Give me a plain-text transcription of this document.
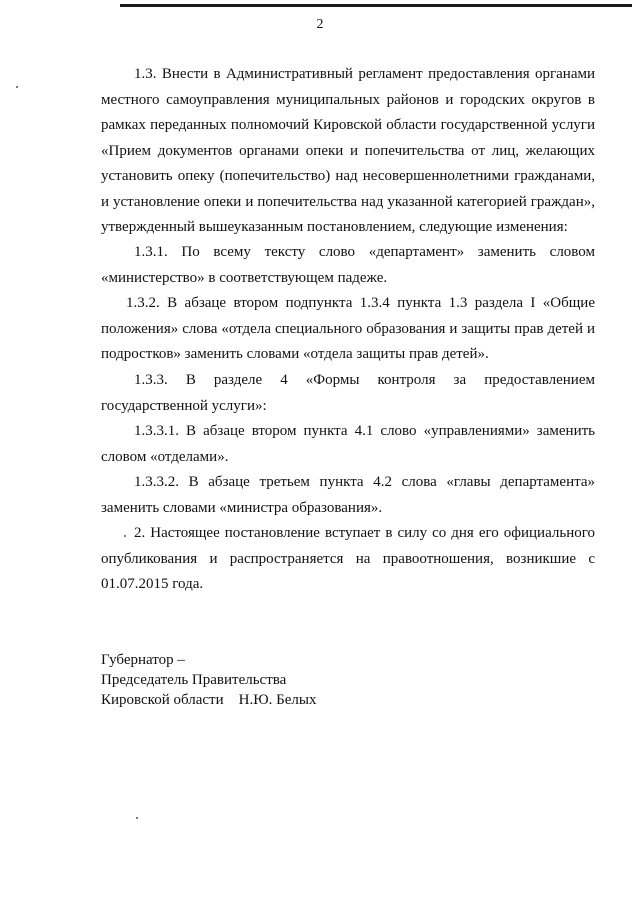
2

1.3. Внести в Административный регламент предоставления органами местного самоуправления муниципальных районов и городских округов в рамках переданных полномочий Кировской области государственной услуги «Прием документов органами опеки и попечительства от лиц, желающих установить опеку (попечительство) над несовершеннолетними гражданами, и установление опеки и попечительства над указанной категорией граждан», утвержденный вышеуказанным постановлением, следующие изменения:

1.3.1. По всему тексту слово «департамент» заменить словом «министерство» в соответствующем падеже.

1.3.2. В абзаце втором подпункта 1.3.4 пункта 1.3 раздела I «Общие положения» слова «отдела специального образования и защиты прав детей и подростков» заменить словами «отдела защиты прав детей».

1.3.3. В разделе 4 «Формы контроля за предоставлением государственной услуги»:

1.3.3.1. В абзаце втором пункта 4.1 слово «управлениями» заменить словом «отделами».

1.3.3.2. В абзаце третьем пункта 4.2 слова «главы департамента» заменить словами «министра образования».

2. Настоящее постановление вступает в силу со дня его официального опубликования и распространяется на правоотношения, возникшие с 01.07.2015 года.

Губернатор –
Председатель Правительства
Кировской области    Н.Ю. Белых
